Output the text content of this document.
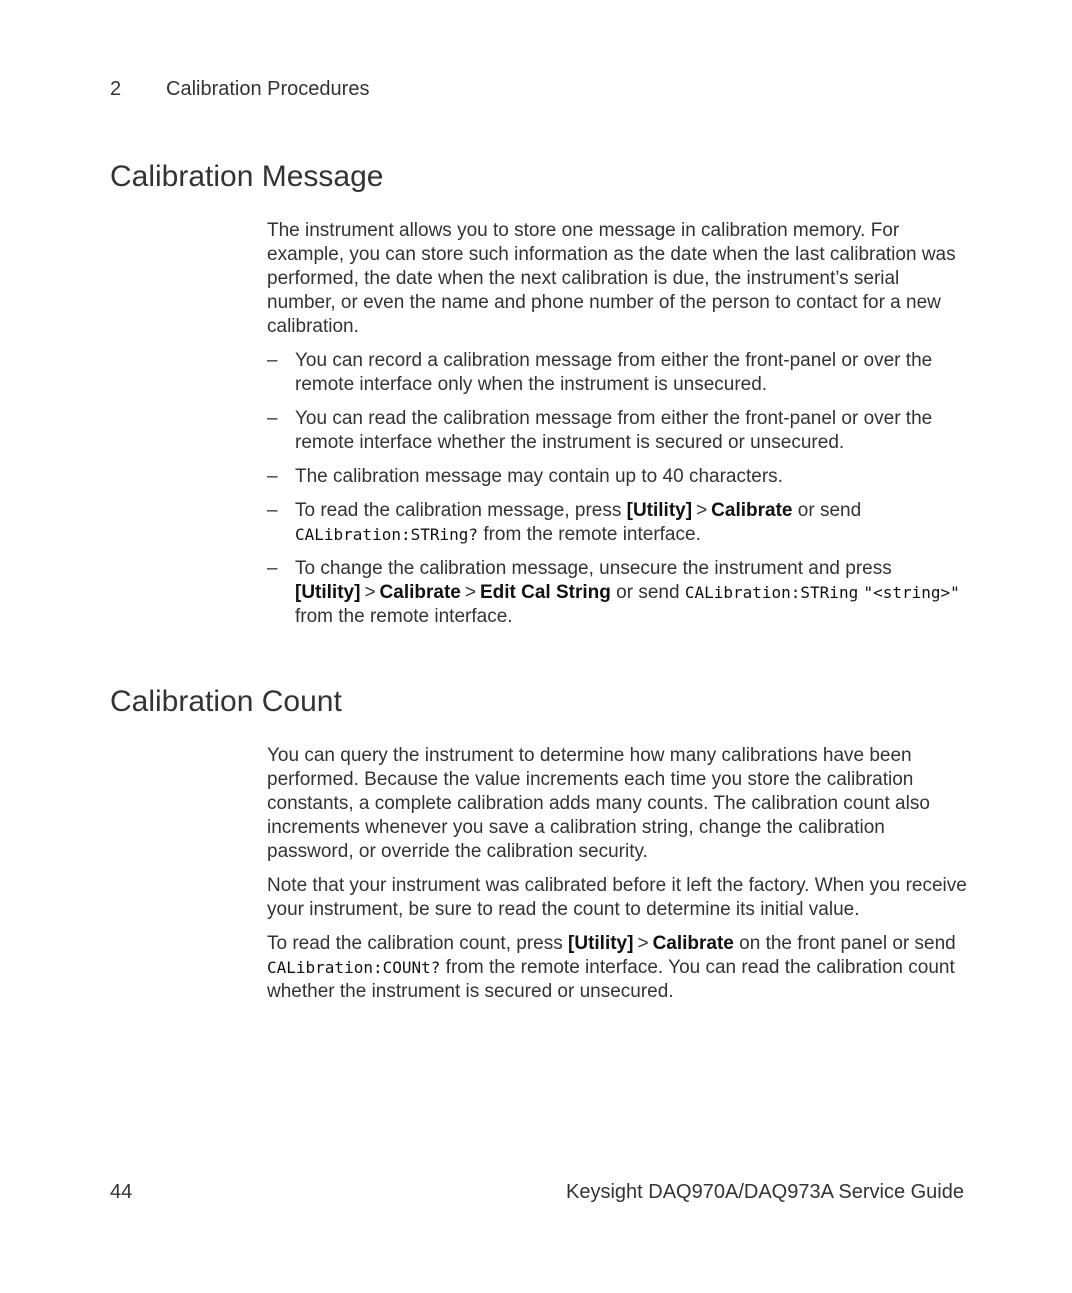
2 Calibration Procedures
Calibration Message

The instrument allows you to store one message in calibration memory. For example, you can store such information as the date when the last calibration was performed, the date when the next calibration is due, the instrument’s serial number, or even the name and phone number of the person to contact for a new calibration.

– You can record a calibration message from either the front-panel or over the remote interface only when the instrument is unsecured.
– You can read the calibration message from either the front-panel or over the remote interface whether the instrument is secured or unsecured.
– The calibration message may contain up to 40 characters.
– To read the calibration message, press [Utility] > Calibrate or send CALibration:STRing? from the remote interface.
– To change the calibration message, unsecure the instrument and press [Utility] > Calibrate > Edit Cal String or send CALibration:STRing "<string>" from the remote interface.
Calibration Count

You can query the instrument to determine how many calibrations have been performed. Because the value increments each time you store the calibration constants, a complete calibration adds many counts. The calibration count also increments whenever you save a calibration string, change the calibration password, or override the calibration security.

Note that your instrument was calibrated before it left the factory. When you receive your instrument, be sure to read the count to determine its initial value.

To read the calibration count, press [Utility] > Calibrate on the front panel or send CALibration:COUNt? from the remote interface. You can read the calibration count whether the instrument is secured or unsecured.

44	Keysight DAQ970A/DAQ973A Service Guide
